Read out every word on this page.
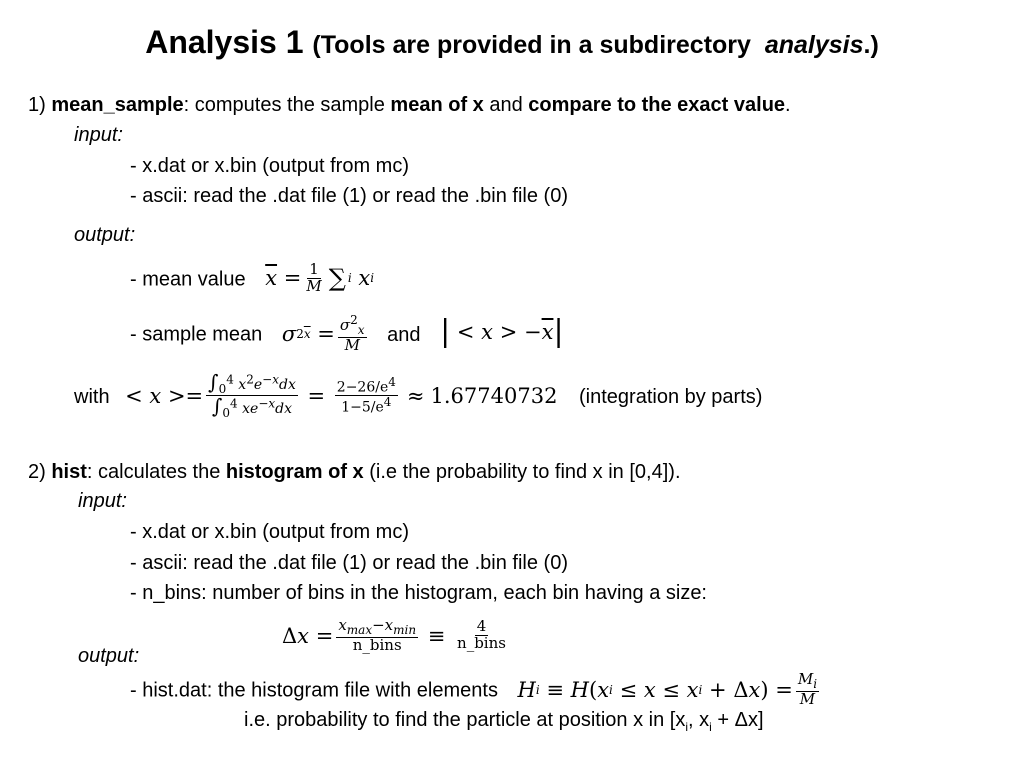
Analysis 1 (Tools are provided in a subdirectory analysis.)
1) mean_sample: computes the sample mean of x and compare to the exact value.
input:
- x.dat or x.bin (output from mc)
- ascii: read the .dat file (1) or read the .bin file (0)
output:
- mean value $\overline{x}$
= $\frac{1}{M}$ ∑ i x i
- sample mean σ 2 $\overline{x}$
= $\frac{\sigma^2_x}{M}$ and |
< x >
− $\overline{x}$ |
with < $x >= \frac{\int_0^4 x^2e^{-x}dx}{\int_0^4 xe^{-x}dx} = \frac{2-26/e^4}{1-5/e^4} \approx 1.67740732$ (integration by parts)
2) hist: calculates the histogram of x (i.e the probability to find x in [0,4]).
input:
- x.dat or x.bin (output from mc)
- ascii: read the .dat file (1) or read the .bin file (0)
- n_bins: number of bins in the histogram, each bin having a size:
Δ $x = \frac{x_{max}-x_{min}}{\text{n\_bins}} \equiv \frac{4}{\text{n\_bins}}$
output:
- hist.dat: the histogram file with elements H i
≡ H ( x i
≤ x ≤ x i
+
Δ x )
= $\frac{M_i}{M}$
i.e. probability to find the particle at position x in [$x_i$, $x_i + \Delta x$]
